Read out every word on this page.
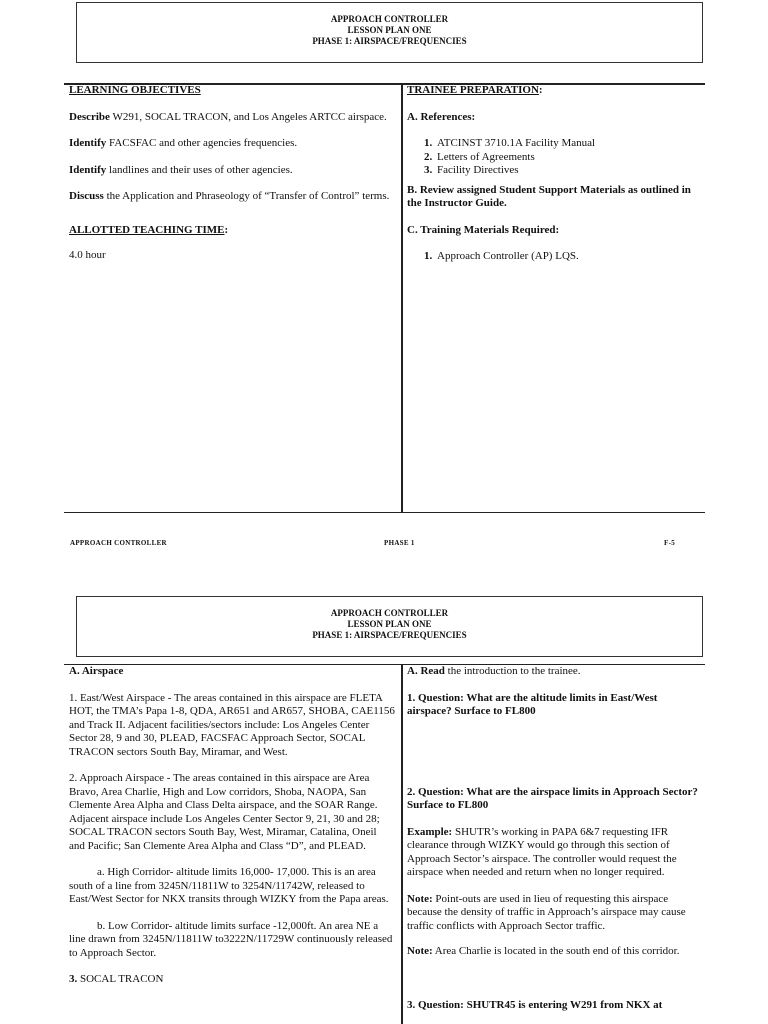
APPROACH CONTROLLER
LESSON PLAN ONE
PHASE 1: AIRSPACE/FREQUENCIES

LEARNING OBJECTIVES

Describe W291, SOCAL TRACON, and Los Angeles ARTCC airspace.

Identify FACSFAC and other agencies frequencies.

Identify landlines and their uses of other agencies.

Discuss the Application and Phraseology of “Transfer of Control” terms.

ALLOTTED TEACHING TIME:

4.0 hour

TRAINEE PREPARATION:

A. References:

1. ATCINST 3710.1A Facility Manual
2. Letters of Agreements
3. Facility Directives

B. Review assigned Student Support Materials as outlined in the Instructor Guide.

C. Training Materials Required:

1. Approach Controller (AP) LQS.
APPROACH CONTROLLER	PHASE 1	F-5
APPROACH CONTROLLER
LESSON PLAN ONE
PHASE 1: AIRSPACE/FREQUENCIES

A. Airspace

1. East/West Airspace - The areas contained in this airspace are FLETA HOT, the TMA’s Papa 1-8, QDA, AR651 and AR657, SHOBA, CAE1156 and Track II. Adjacent facilities/sectors include: Los Angeles Center Sector 28, 9 and 30, PLEAD, FACSFAC Approach Sector, SOCAL TRACON sectors South Bay, Miramar, and West.

2. Approach Airspace - The areas contained in this airspace are Area Bravo, Area Charlie, High and Low corridors, Shoba, NAOPA, San Clemente Area Alpha and Class Delta airspace, and the SOAR Range. Adjacent airspace include Los Angeles Center Sector 9, 21, 30 and 28; SOCAL TRACON sectors South Bay, West, Miramar, Catalina, Oneil and Pacific; San Clemente Area Alpha and Class “D”, and PLEAD.

a. High Corridor- altitude limits 16,000- 17,000. This is an area south of a line from 3245N/11811W to 3254N/11742W, released to East/West Sector for NKX transits through WIZKY from the Papa areas.

b. Low Corridor- altitude limits surface -12,000ft. An area NE a line drawn from 3245N/11811W to3222N/11729W continuously released to Approach Sector.

3. SOCAL TRACON

A. Read the introduction to the trainee.

1. Question: What are the altitude limits in East/West airspace? Surface to FL800

2. Question: What are the airspace limits in Approach Sector? Surface to FL800

Example: SHUTR’s working in PAPA 6&7 requesting IFR clearance through WIZKY would go through this section of Approach Sector’s airspace. The controller would request the airspace when needed and return when no longer required.

Note: Point-outs are used in lieu of requesting this airspace because the density of traffic in Approach’s airspace may cause traffic conflicts with Approach Sector traffic.

Note: Area Charlie is located in the south end of this corridor.

3. Question: SHUTR45 is entering W291 from NKX at
